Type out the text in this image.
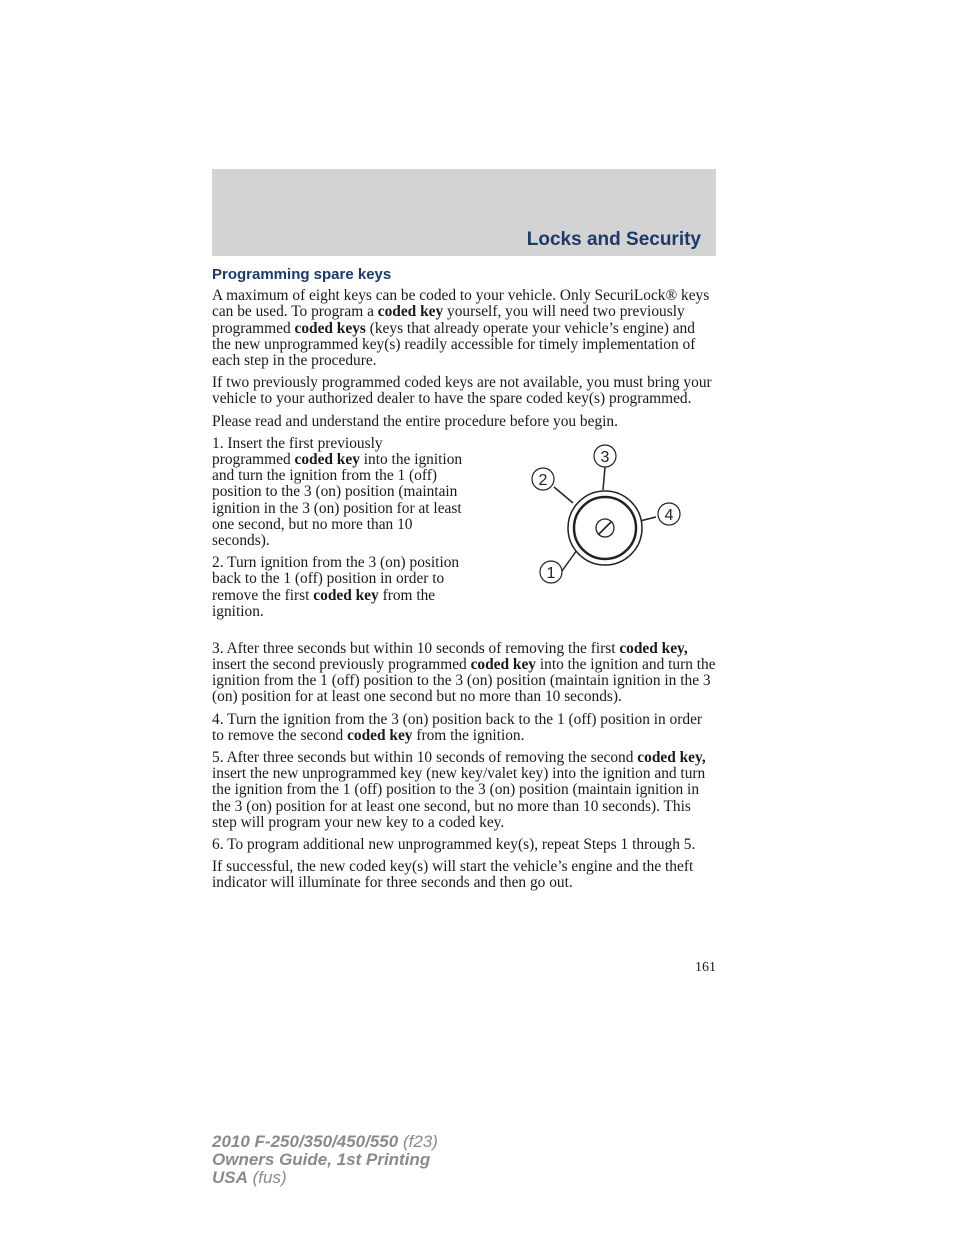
Locks and Security
Programming spare keys

A maximum of eight keys can be coded to your vehicle. Only SecuriLock® keys can be used. To program a coded key yourself, you will need two previously programmed coded keys (keys that already operate your vehicle’s engine) and the new unprogrammed key(s) readily accessible for timely implementation of each step in the procedure.

If two previously programmed coded keys are not available, you must bring your vehicle to your authorized dealer to have the spare coded key(s) programmed.

Please read and understand the entire procedure before you begin.

1. Insert the first previously programmed coded key into the ignition and turn the ignition from the 1 (off) position to the 3 (on) position (maintain ignition in the 3 (on) position for at least one second, but no more than 10 seconds).

2. Turn ignition from the 3 (on) position back to the 1 (off) position in order to remove the first coded key from the ignition.

1
2
3
4

3. After three seconds but within 10 seconds of removing the first coded key, insert the second previously programmed coded key into the ignition and turn the ignition from the 1 (off) position to the 3 (on) position (maintain ignition in the 3 (on) position for at least one second but no more than 10 seconds).

4. Turn the ignition from the 3 (on) position back to the 1 (off) position in order to remove the second coded key from the ignition.

5. After three seconds but within 10 seconds of removing the second coded key, insert the new unprogrammed key (new key/valet key) into the ignition and turn the ignition from the 1 (off) position to the 3 (on) position (maintain ignition in the 3 (on) position for at least one second, but no more than 10 seconds). This step will program your new key to a coded key.

6. To program additional new unprogrammed key(s), repeat Steps 1 through 5.

If successful, the new coded key(s) will start the vehicle’s engine and the theft indicator will illuminate for three seconds and then go out.

161
2010 F-250/350/450/550 (f23)
Owners Guide, 1st Printing
USA (fus)
